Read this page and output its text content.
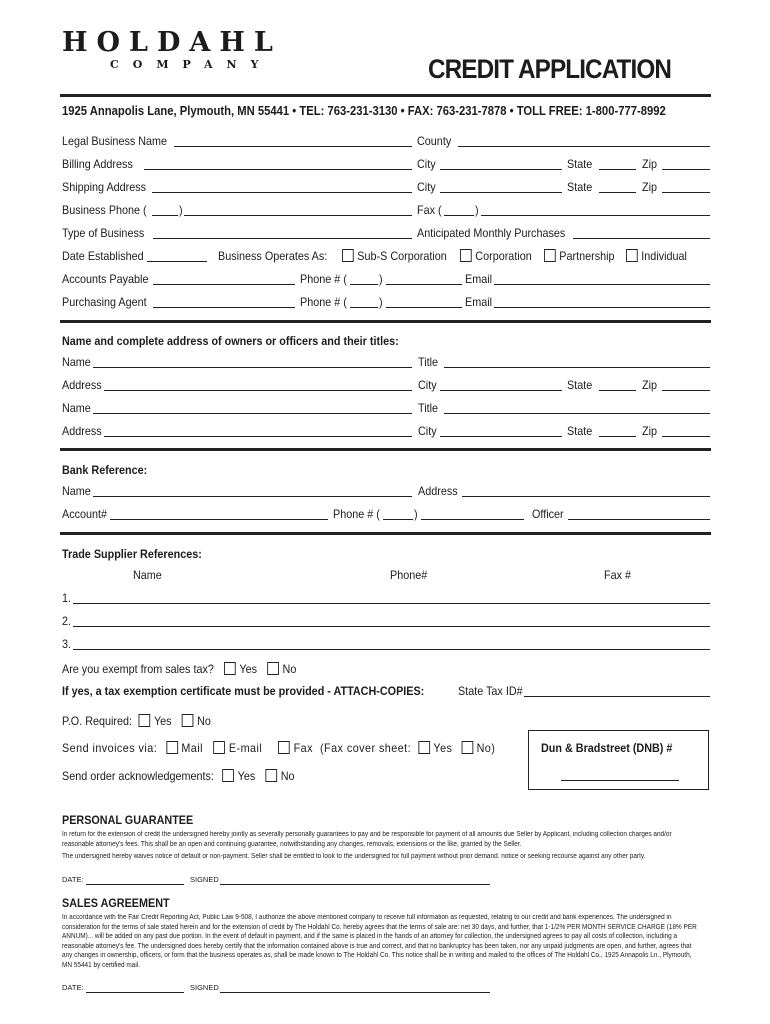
HOLDAHL
COMPANY	CREDIT APPLICATION
1925 Annapolis Lane, Plymouth, MN 55441 • TEL: 763-231-3130 • FAX: 763-231-7878 • TOLL FREE: 1-800-777-8992
Legal Business Name	County
Billing Address	City	State	Zip
Shipping Address	City	State	Zip
Business Phone (	)	Fax (	)
Type of Business	Anticipated Monthly Purchases
Date Established	Business Operates As:	Sub-S Corporation	Corporation	Partnership	Individual
Accounts Payable	Phone # (	)	Email
Purchasing Agent	Phone # (	)	Email
Name and complete address of owners or officers and their titles:
Name	Title
Address	City	State	Zip
Name	Title
Address	City	State	Zip
Bank Reference:
Name	Address
Account#	Phone # (	)	Officer
Trade Supplier References:
Name	Phone#	Fax #
1.
2.
3.
Are you exempt from sales tax? Yes No
If yes, a tax exemption certificate must be provided - ATTACH-COPIES:	State Tax ID#
P.O. Required: Yes No
Send invoices via: Mail E-mail	Fax (Fax cover sheet: Yes No)
Send order acknowledgements: Yes No
Dun & Bradstreet (DNB) #
PERSONAL GUARANTEE
In return for the extension of credit the undersigned hereby jointly as severally personally guarantees to pay and be responsible for payment of all amounts due Seller by Applicant, including collection charges and/or reasonable attorney’s fees. This shall be an open and continuing guarantee, notwithstanding any changes, removals, extensions or the like, granted by the Seller.
The undersigned hereby waives notice of default or non-payment. Seller shall be entitled to look to the undersigned for full payment without prior demand. notice or seeking recourse against any other party.
DATE:	SIGNED
SALES AGREEMENT
In accordance with the Fair Credit Reporting Act, Public Law 9-508, I authorize the above mentioned company to receive full information as requested, relating to our credit and bank experiences. The undersigned in consideration for the terms of sale stated herein and for the extension of credit by The Holdahl Co. hereby agrees that the terms of sale are: net 30 days, and further, that 1-1/2% PER MONTH SERVICE CHARGE (18% PER ANNUM)... will be added on any past due portion. In the event of default in payment, and if the same is placed in the hands of an attorney for collection, the undersigned agrees to pay all costs of collection, including a reasonable attorney’s fee. The undersigned does hereby certify that the information contained above is true and correct, and that no bankruptcy has been taken, nor any unpaid judgments are open, and further, agrees that any changes in ownership, officers, or form that the business operates as, shall be made known to The Holdahl Co. This notice shall be in writing and mailed to the offices of The Holdahl Co., 1925 Annapolis Ln., Plymouth, MN 55441 by certified mail.
DATE:	SIGNED
